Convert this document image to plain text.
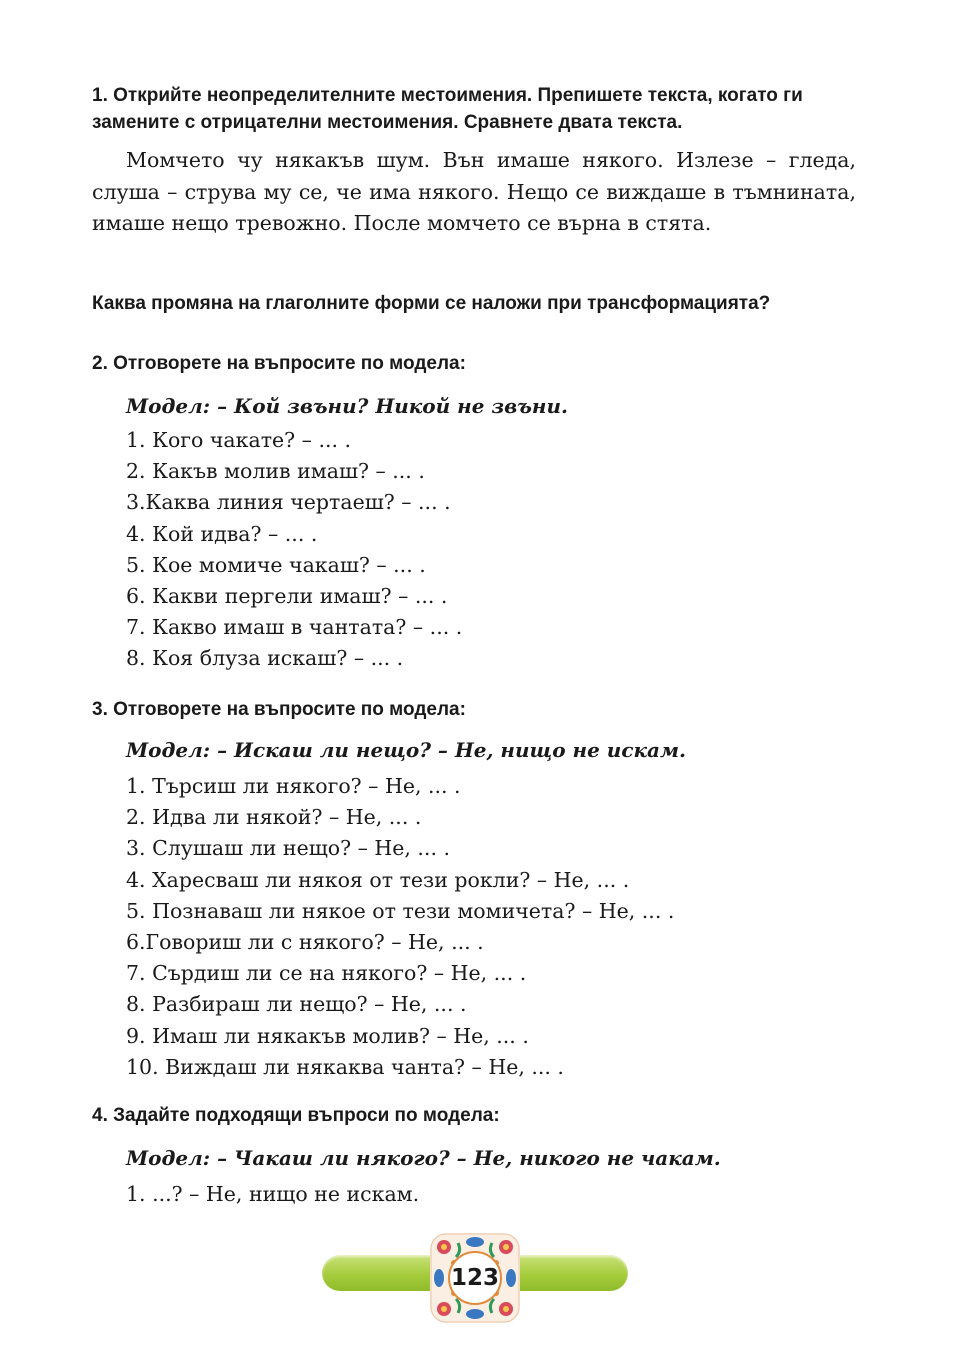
1. Открийте неопределителните местоимения. Препишете текста, когато ги замените с отрицателни местоимения. Сравнете двата текста.
Момчето чу някакъв шум. Вън имаше някого. Излезе – гледа, слуша – струва му се, че има някого. Нещо се виждаше в тъмнината, имаше нещо тревожно. После момчето се върна в стята.
Каква промяна на глаголните форми се наложи при трансформацията?
2. Отговорете на въпросите по модела:
Модел: – Кой звъни? Никой не звъни.
1. Кого чакате? – ... .
2. Какъв молив имаш? – ... .
3.Каква линия чертаеш? – ... .
4. Кой идва? – ... .
5. Кое момиче чакаш? – ... .
6. Какви пергели имаш? – ... .
7. Какво имаш в чантата? – ... .
8. Коя блуза искаш? – ... .
3. Отговорете на въпросите по модела:
Модел: – Искаш ли нещо? – Не, нищо не искам.
1. Търсиш ли някого? – Не, ... .
2. Идва ли някой? – Не, ... .
3. Слушаш ли нещо? – Не, ... .
4. Харесваш ли някоя от тези рокли? – Не, ... .
5. Познаваш ли някое от тези момичета? – Не, ... .
6.Говориш ли с някого? – Не, ... .
7. Сърдиш ли се на някого? – Не, ... .
8. Разбираш ли нещо? – Не, ... .
9. Имаш ли някакъв молив? – Не, ... .
10. Виждаш ли някаква чанта? – Не, ... .
4. Задайте подходящи въпроси по модела:
Модел: – Чакаш ли някого? – Не, никого не чакам.
1. ...? – Не, нищо не искам.
123
